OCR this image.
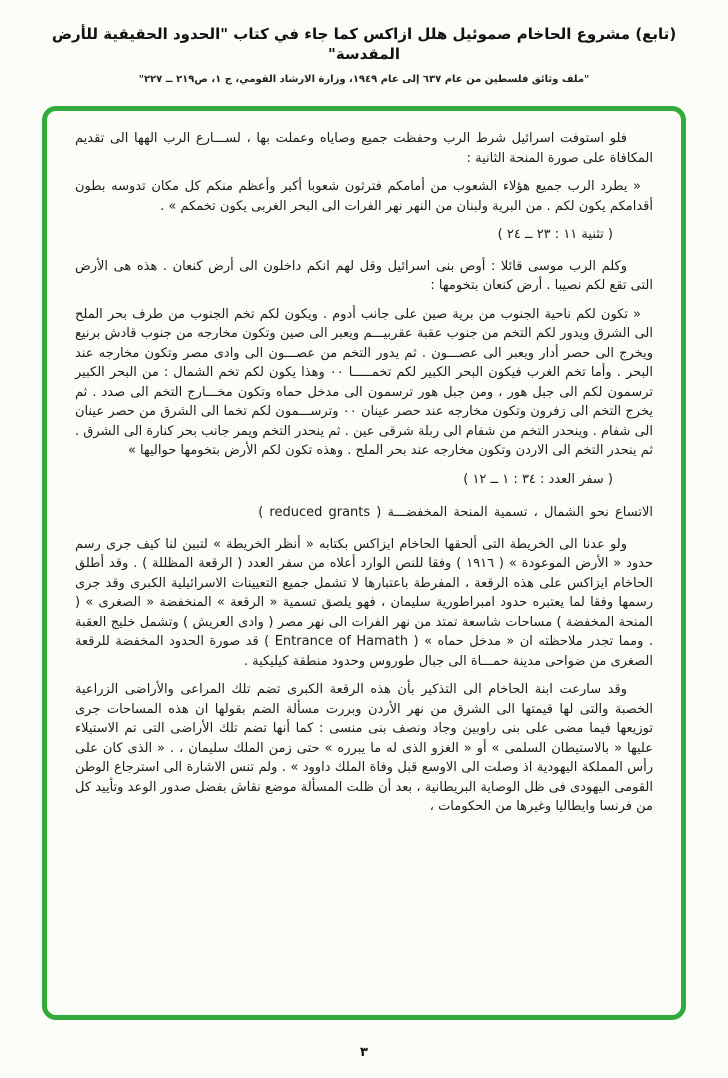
(تابع) مشروع الحاخام صموئيل هلل ازاكس كما جاء في كتاب "الحدود الحقيقية للأرض المقدسة"
"ملف وثائق فلسطين من عام ٦٣٧ إلى عام ١٩٤٩، وزارة الارشاد القومي، ج ١، ص٢١٩ ــ ٢٢٧"

فلو استوفت اسرائيل شرط الرب وحفظت جميع وصاياه وعملت بها ، لســـارع الرب الهها الى تقديم المكافاة على صورة المنحة الثانية :

« يطرد الرب جميع هؤلاء الشعوب من أمامكم فترثون شعوبا أكبر وأعظم منكم كل مكان تدوسه بطون أقدامكم يكون لكم . من البرية ولبنان من النهر نهر الفرات الى البحر الغربى يكون تخمكم » .

( تثنية ١١ : ٢٣ ــ ٢٤ )

وكلم الرب موسى قائلا : أوص بنى اسرائيل وقل لهم انكم داخلون الى أرض كنعان . هذه هى الأرض التى تقع لكم نصيبا . أرض كنعان بتخومها :

« تكون لكم ناحية الجنوب من برية صين على جانب أدوم . ويكون لكم تخم الجنوب من طرف بحر الملح الى الشرق ويدور لكم التخم من جنوب عقبة عقربيـــم ويعبر الى صين وتكون مخارجه من جنوب قادش برنيع ويخرج الى حصر أدار ويعبر الى عصـــون . ثم يدور التخم من عصـــون الى وادى مصر وتكون مخارجه عند البحر . وأما تخم الغرب فيكون البحر الكبير لكم تخمـــــا ٠٠ وهذا يكون لكم تخم الشمال : من البحر الكبير ترسمون لكم الى جبل هور ، ومن جبل هور ترسمون الى مدخل حماه وتكون مخـــارج التخم الى صدد . ثم يخرج التخم الى زفرون وتكون مخارجه عند حصر عينان ٠٠ وترســـمون لكم تخما الى الشرق من حصر عينان الى شفام . وينحدر التخم من شفام الى ربلة شرقى عين . ثم ينحدر التخم ويمر جانب بحر كنارة الى الشرق . ثم ينحدر التخم الى الاردن وتكون مخارجه عند بحر الملح . وهذه تكون لكم الأرض بتخومها حواليها »

( سفر العدد : ٣٤ : ١ ــ ١٢ )

الاتساع نحو الشمال ، تسمية المنحة المخفضـــة ( reduced grants )

ولو عدنا الى الخريطة التى ألحقها الحاخام ايزاكس بكتابه « أنظر الخريطة » لتبين لنا كيف جرى رسم حدود « الأرض الموعودة » ( ١٩١٦ ) وفقا للنص الوارد أعلاه من سفر العدد ( الرقعة المظللة ) . وقد أطلق الحاخام ايزاكس على هذه الرقعة ، المفرطة باعتبارها لا تشمل جميع التعيينات الاسرائيلية الكبرى وقد جرى رسمها وفقا لما يعتبره حدود امبراطورية سليمان ، فهو يلصق تسمية « الرقعة » المنخفضة « الصغرى » ( المنحة المخفضة ) مساحات شاسعة تمتد من نهر الفرات الى نهر مصر ( وادى العريش ) وتشمل خليج العقبة . ومما تجدر ملاحظته ان « مدخل حماه » ( Entrance of Hamath ) قد صورة الحدود المخفضة للرقعة الصغرى من ضواحى مدينة حمـــاة الى جبال طوروس وحدود منطقة كيليكية .

وقد سارعت ابنة الحاخام الى التذكير بأن هذه الرقعة الكبرى تضم تلك المراعى والأراضى الزراعية الخصبة والتى لها قيمتها الى الشرق من نهر الأردن وبررت مسألة الضم بقولها ان هذه المساحات جرى توزيعها فيما مضى على بنى راوبين وجاد ونصف بنى منسى : كما أنها تضم تلك الأراضى التى تم الاستيلاء عليها « بالاستيطان السلمى » أو « الغزو الذى له ما يبرره » حتى زمن الملك سليمان ، . « الذى كان على رأس المملكة اليهودية اذ وصلت الى الاوسع قبل وفاة الملك داوود » . ولم تنس الاشارة الى استرجاع الوطن القومى اليهودى فى ظل الوصاية البريطانية ، بعد أن ظلت المسألة موضع نقاش بفضل صدور الوعد وتأييد كل من فرنسا وايطاليا وغيرها من الحكومات ،

٣
